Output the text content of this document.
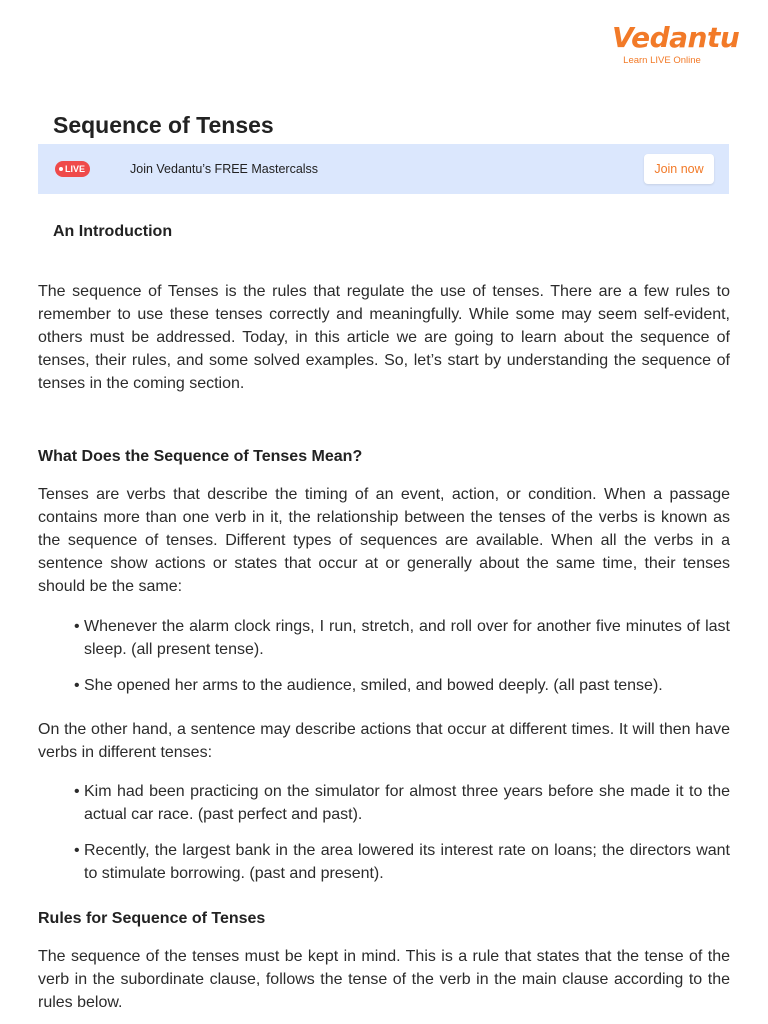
Vedantu
Learn LIVE Online
Sequence of Tenses
LIVE	Join Vedantu’s FREE Mastercalss	Join now
An Introduction

The sequence of Tenses is the rules that regulate the use of tenses. There are a few rules to remember to use these tenses correctly and meaningfully. While some may seem self-evident, others must be addressed. Today, in this article we are going to learn about the sequence of tenses, their rules, and some solved examples. So, let’s start by understanding the sequence of tenses in the coming section.

What Does the Sequence of Tenses Mean?

Tenses are verbs that describe the timing of an event, action, or condition. When a passage contains more than one verb in it, the relationship between the tenses of the verbs is known as the sequence of tenses. Different types of sequences are available. When all the verbs in a sentence show actions or states that occur at or generally about the same time, their tenses should be the same:

• Whenever the alarm clock rings, I run, stretch, and roll over for another five minutes of last sleep. (all present tense).
• She opened her arms to the audience, smiled, and bowed deeply. (all past tense).

On the other hand, a sentence may describe actions that occur at different times. It will then have verbs in different tenses:

• Kim had been practicing on the simulator for almost three years before she made it to the actual car race. (past perfect and past).
• Recently, the largest bank in the area lowered its interest rate on loans; the directors want to stimulate borrowing. (past and present).
Rules for Sequence of Tenses

The sequence of the tenses must be kept in mind. This is a rule that states that the tense of the verb in the subordinate clause, follows the tense of the verb in the main clause according to the rules below.
